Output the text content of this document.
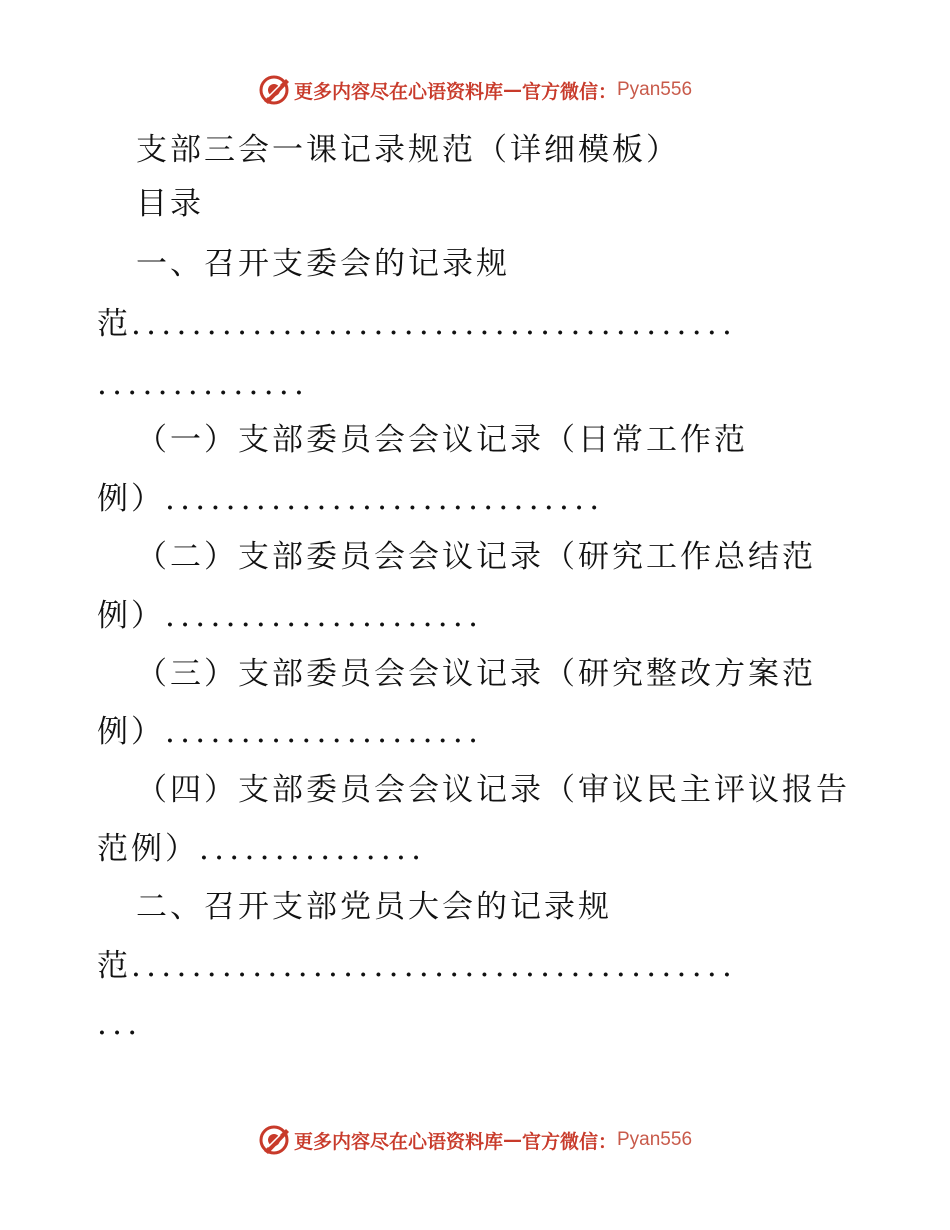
更多内容尽在心语资料库 — 官方微信： Pyan556
支部三会一课记录规范（详细模板）
目录
一、召开支委会的记录规
范........................................
..............
（一）支部委员会会议记录（日常工作范
例）.............................
（二）支部委员会会议记录（研究工作总结范
例）.....................
（三）支部委员会会议记录（研究整改方案范
例）.....................
（四）支部委员会会议记录（审议民主评议报告
范例）...............
二、召开支部党员大会的记录规
范........................................
...
更多内容尽在心语资料库 — 官方微信： Pyan556
